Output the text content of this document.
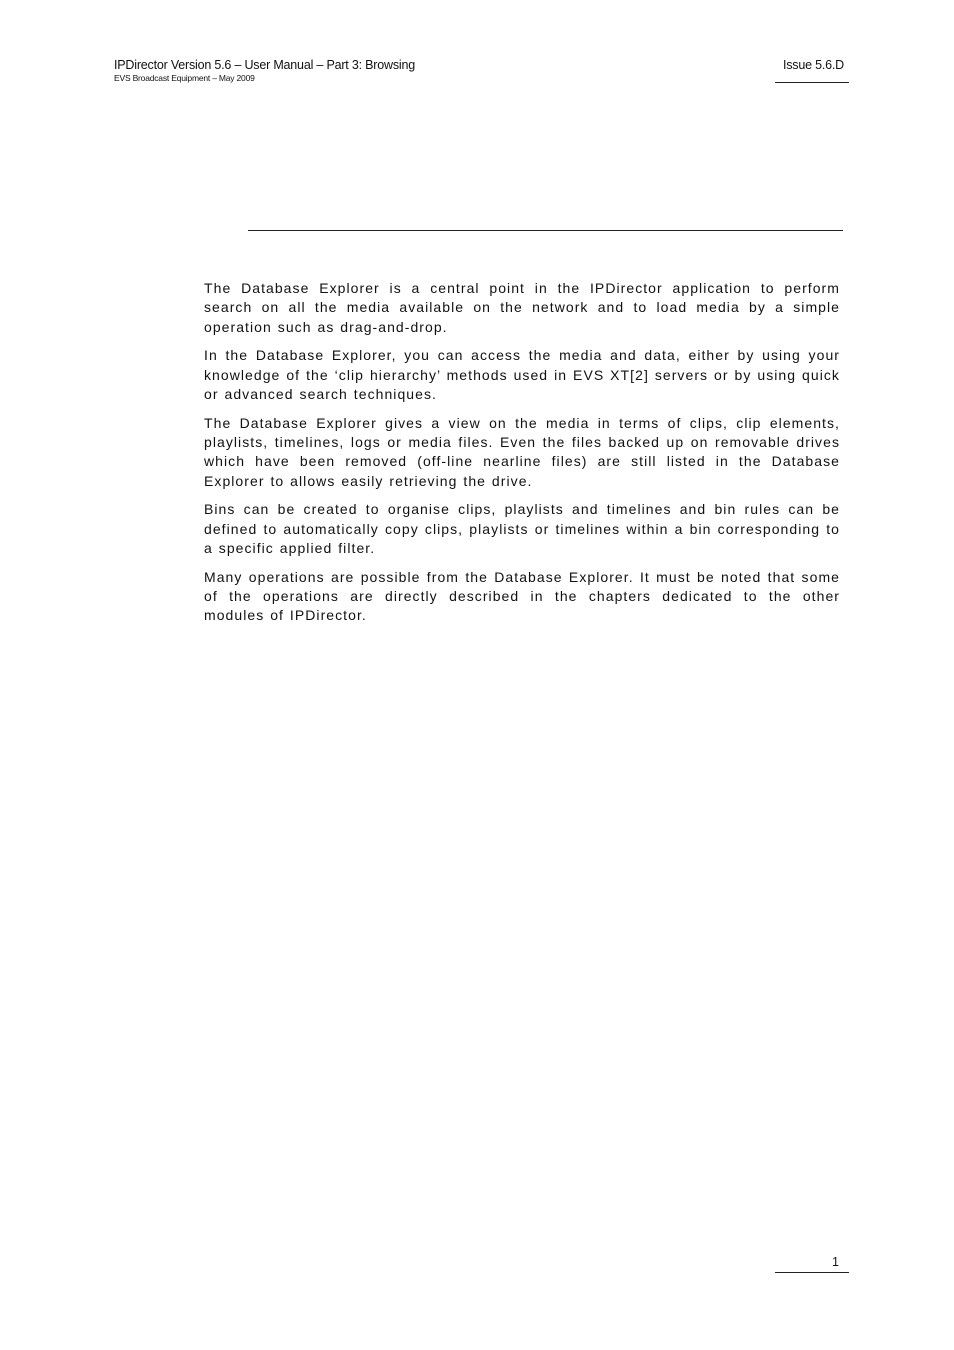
IPDirector Version 5.6 – User Manual – Part 3: Browsing
EVS Broadcast Equipment – May 2009
Issue 5.6.D

The Database Explorer is a central point in the IPDirector application to perform search on all the media available on the network and to load media by a simple operation such as drag-and-drop.

In the Database Explorer, you can access the media and data, either by using your knowledge of the ‘clip hierarchy’ methods used in EVS XT[2] servers or by using quick or advanced search techniques.

The Database Explorer gives a view on the media in terms of clips, clip elements, playlists, timelines, logs or media files. Even the files backed up on removable drives which have been removed (off-line nearline files) are still listed in the Database Explorer to allows easily retrieving the drive.

Bins can be created to organise clips, playlists and timelines and bin rules can be defined to automatically copy clips, playlists or timelines within a bin corresponding to a specific applied filter.

Many operations are possible from the Database Explorer. It must be noted that some of the operations are directly described in the chapters dedicated to the other modules of IPDirector.

1
